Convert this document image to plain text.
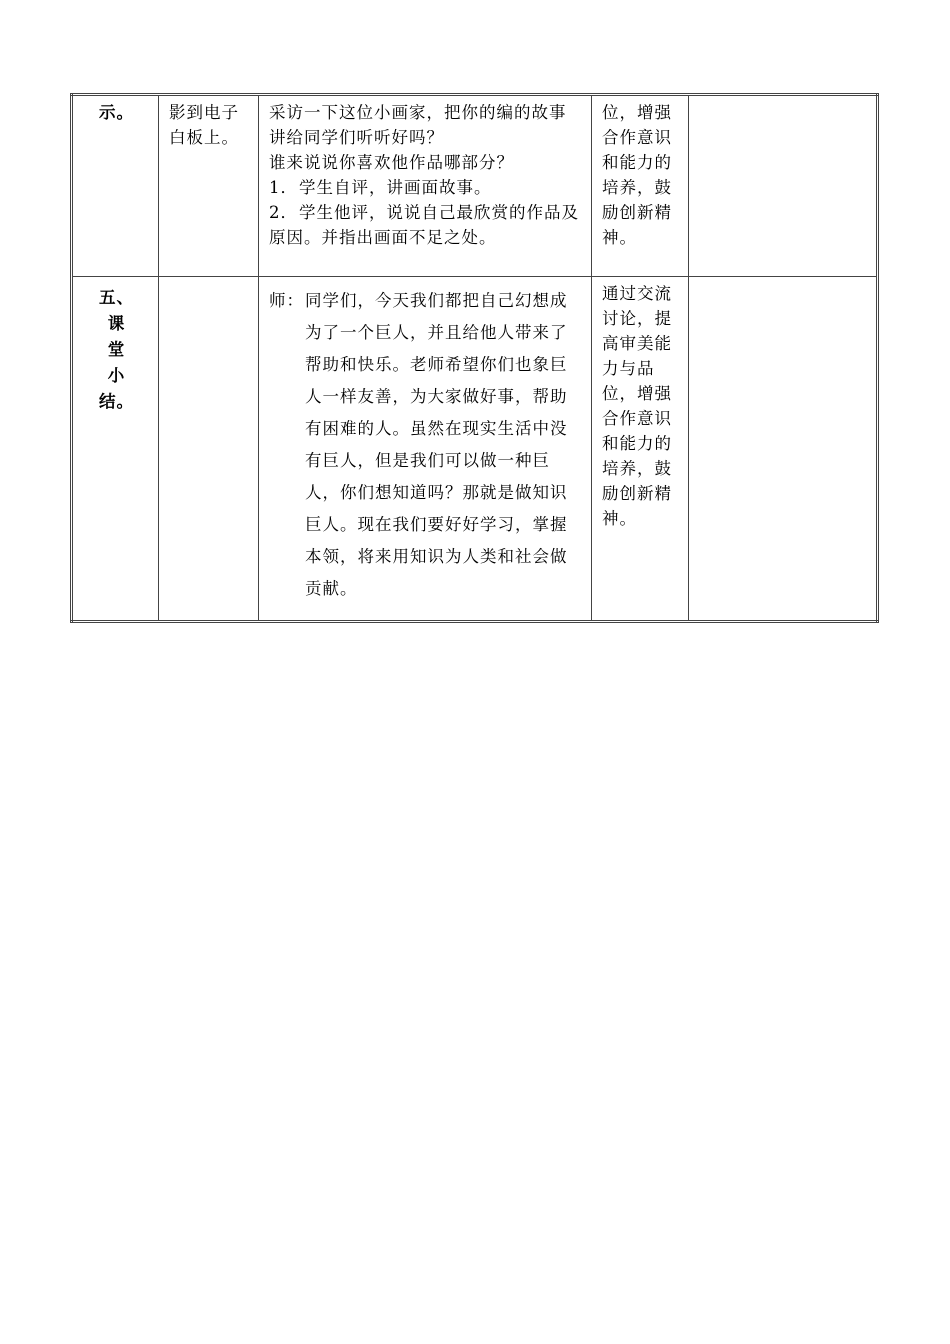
示。	影到电子白板上。	采访一下这位小画家，把你的编的故事讲给同学们听听好吗？
谁来说说你喜欢他作品哪部分？
1．学生自评，讲画面故事。
2．学生他评，说说自己最欣赏的作品及原因。并指出画面不足之处。	位，增强合作意识和能力的培养，鼓励创新精神。	

五、
课
堂
小
结。		师： 同学们，今天我们都把自己幻想成为了一个巨人，并且给他人带来了帮助和快乐。老师希望你们也象巨人一样友善，为大家做好事，帮助有困难的人。虽然在现实生活中没有巨人，但是我们可以做一种巨人，你们想知道吗？那就是做知识巨人。现在我们要好好学习，掌握本领，将来用知识为人类和社会做贡献。	通过交流讨论，提高审美能力与品位，增强合作意识和能力的培养，鼓励创新精神。	
